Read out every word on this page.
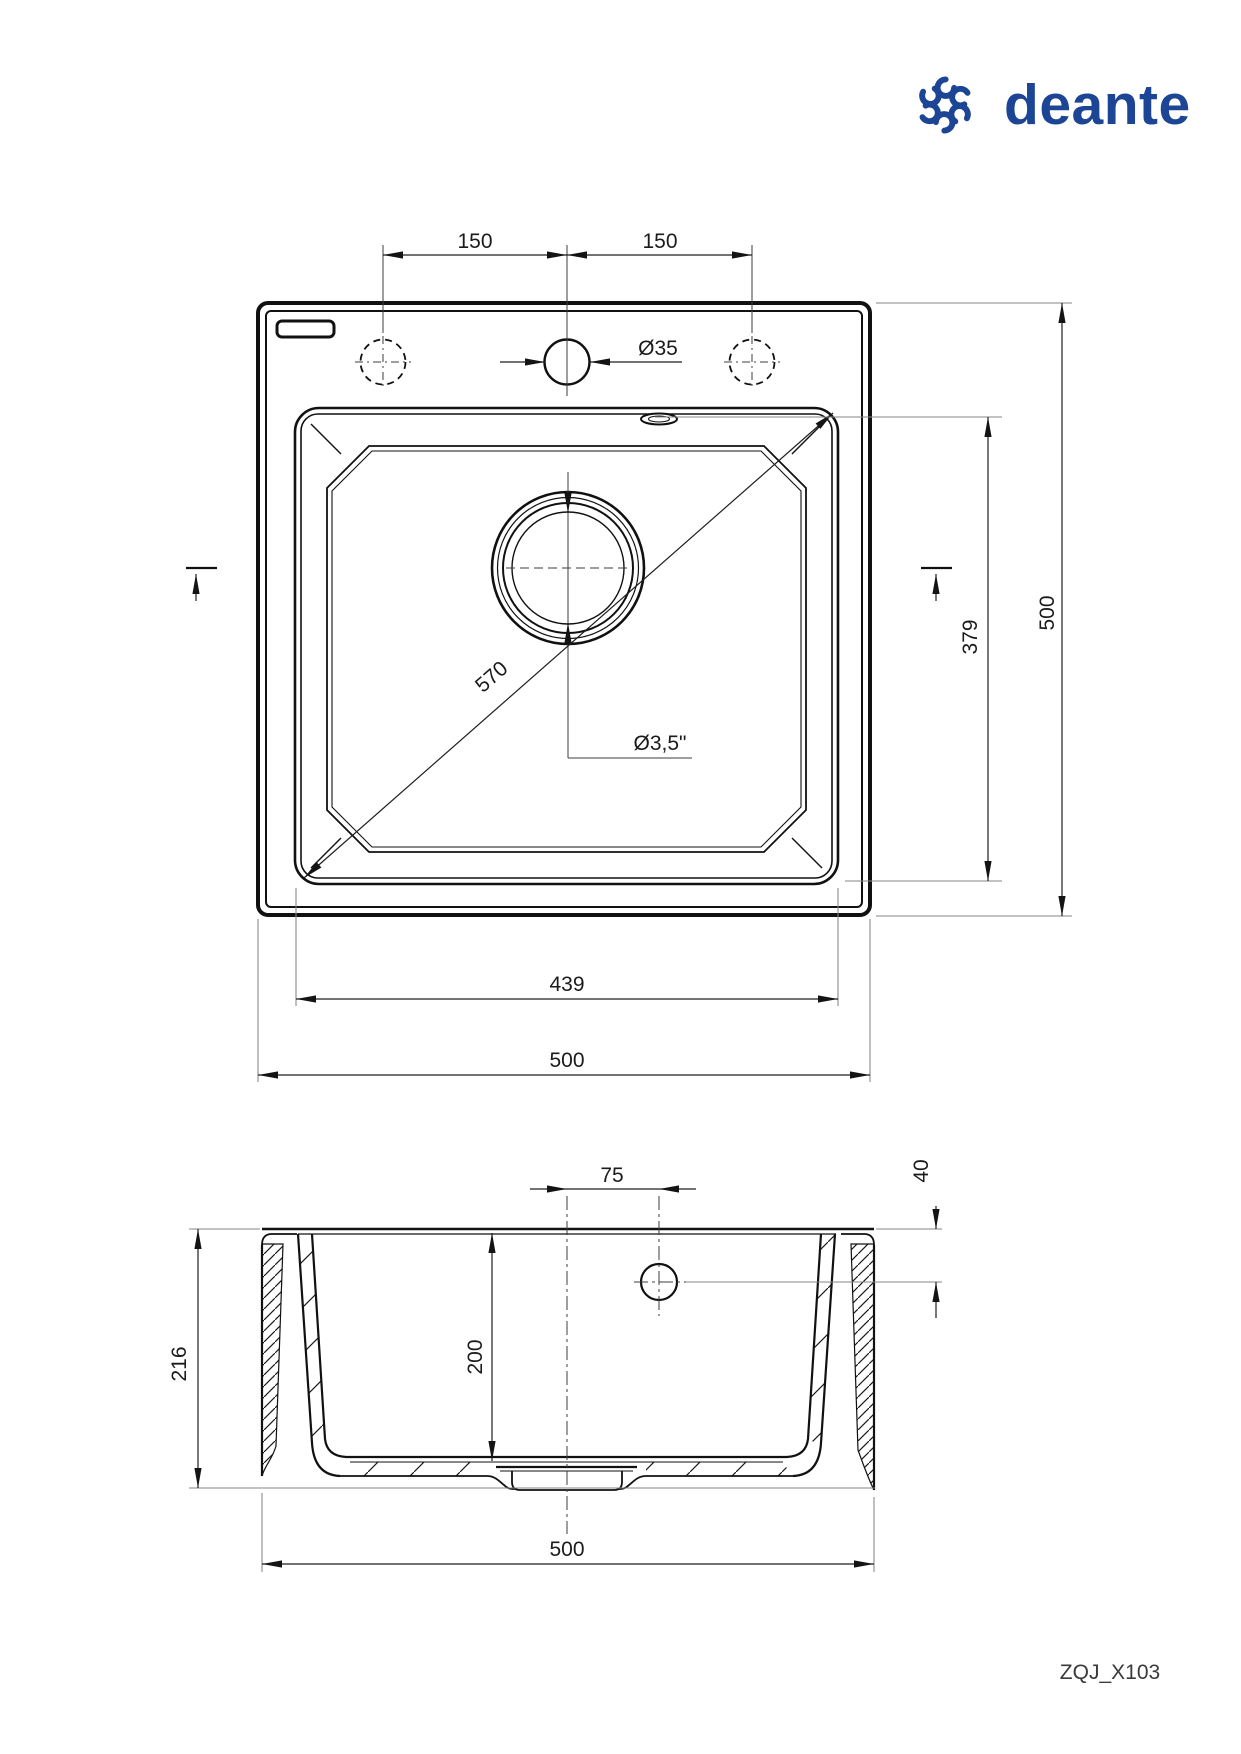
deante
150	150
Ø35
570
Ø3,5"
379
500
439
500
75	40
200
216
500
ZQJ_X103
